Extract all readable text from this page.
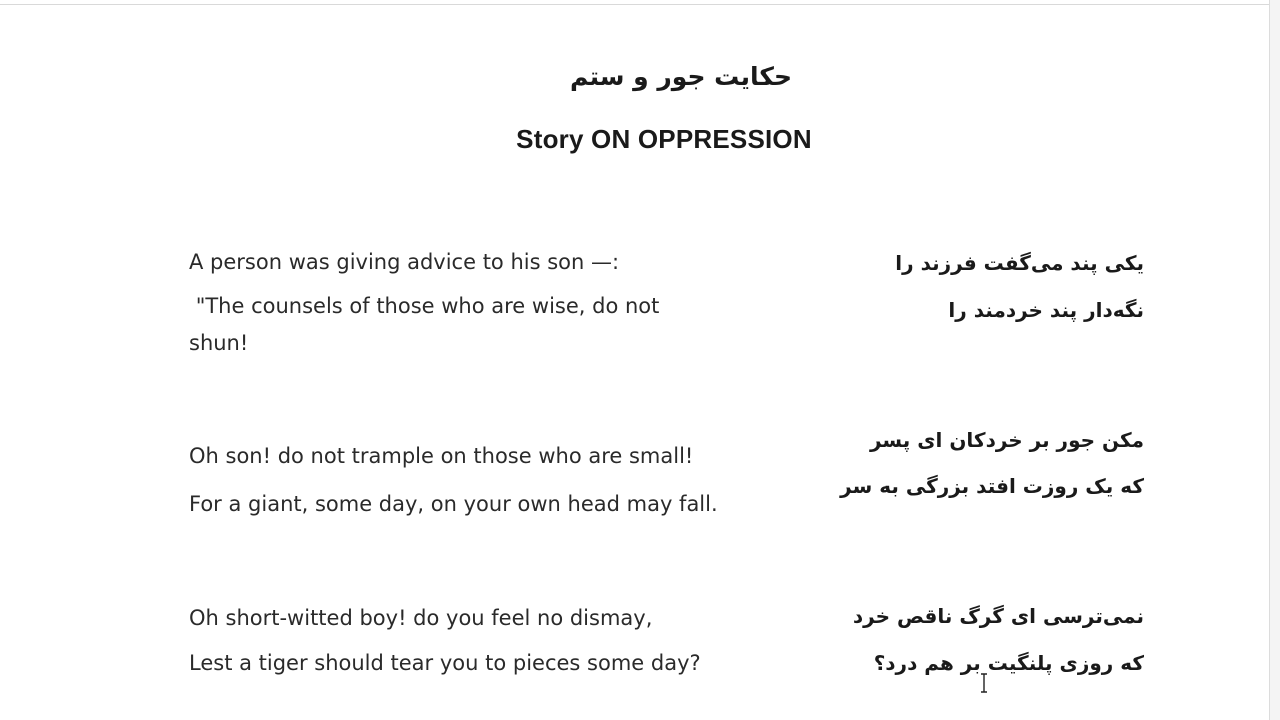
حکایت جور و ستم
Story ON OPPRESSION
A person was giving advice to his son —:
"The counsels of those who are wise, do not shun!
یکی پند می‌گفت فرزند را
نگه‌دار پند خردمند را
Oh son! do not trample on those who are small!
For a giant, some day, on your own head may fall.
مکن جور بر خردکان ای پسر
که یک روزت افتد بزرگی به سر
Oh short-witted boy! do you feel no dismay,
Lest a tiger should tear you to pieces some day?
نمی‌ترسی ای گرگ ناقص خرد
که روزی پلنگیت بر هم درد؟
